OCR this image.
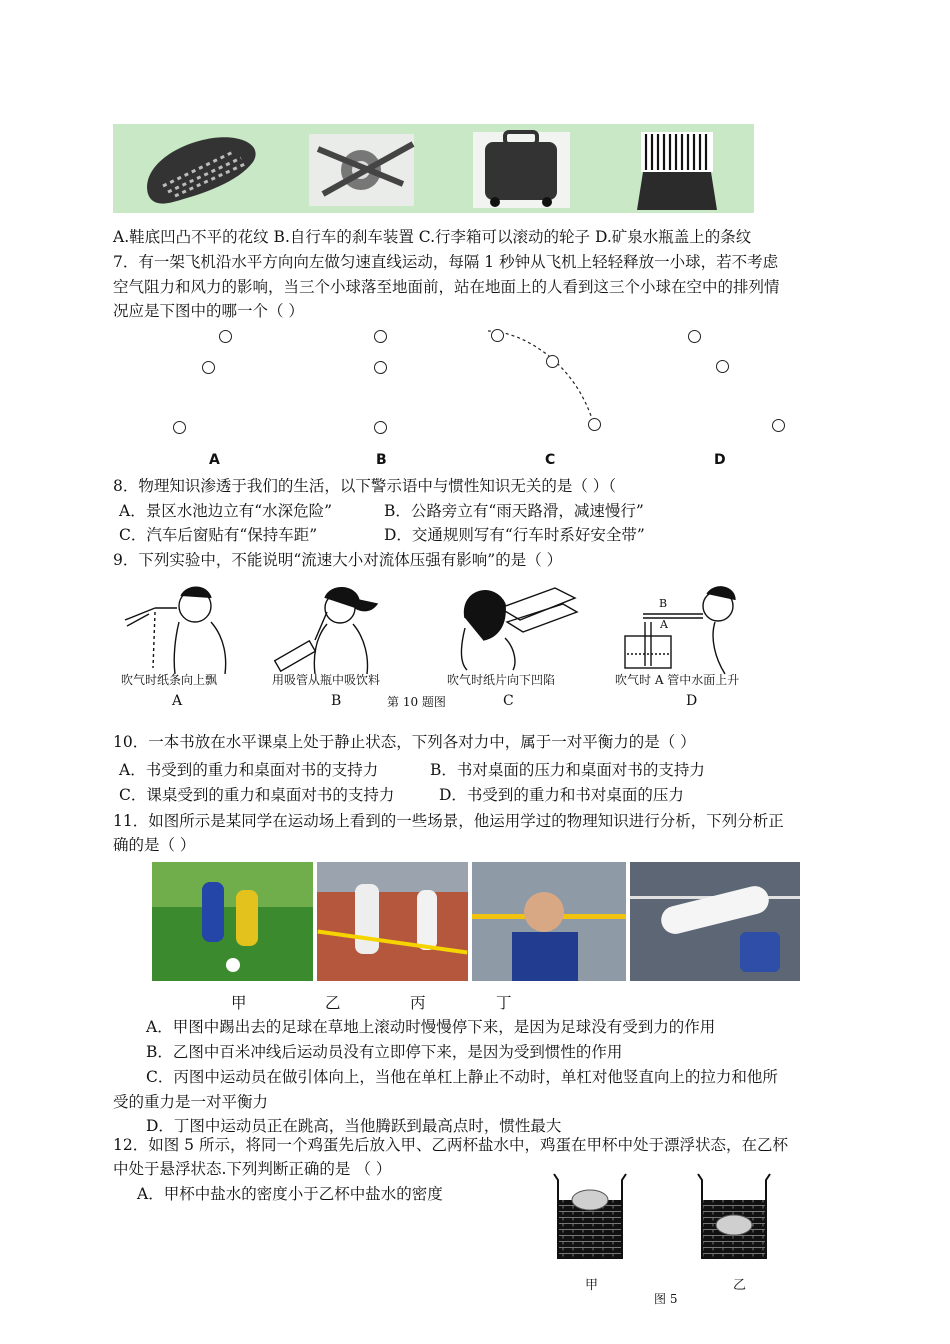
A.鞋底凹凸不平的花纹 B.自行车的刹车装置 C.行李箱可以滚动的轮子 D.矿泉水瓶盖上的条纹
7．有一架飞机沿水平方向向左做匀速直线运动，每隔 1 秒钟从飞机上轻轻释放一小球，若不考虑
空气阻力和风力的影响，当三个小球落至地面前，站在地面上的人看到这三个小球在空中的排列情
况应是下图中的哪一个（ ）
A	B	C	D
8．物理知识渗透于我们的生活，以下警示语中与惯性知识无关的是（ ）（
A．景区水池边立有“水深危险”	B．公路旁立有“雨天路滑，减速慢行”
C．汽车后窗贴有“保持车距”	D．交通规则写有“行车时系好安全带”
9．下列实验中，不能说明“流速大小对流体压强有影响”的是（ ）
B
A
吹气时纸条向上飘	用吸管从瓶中吸饮料	吹气时纸片向下凹陷	吹气时 A 管中水面上升
第 10 题图
A	B	C	D
10．一本书放在水平课桌上处于静止状态，下列各对力中，属于一对平衡力的是（ ）
A．书受到的重力和桌面对书的支持力	B．书对桌面的压力和桌面对书的支持力
C．课桌受到的重力和桌面对书的支持力	D．书受到的重力和书对桌面的压力
11．如图所示是某同学在运动场上看到的一些场景，他运用学过的物理知识进行分析，下列分析正
确的是（ ）
甲	乙	丙	丁
A．甲图中踢出去的足球在草地上滚动时慢慢停下来，是因为足球没有受到力的作用
B．乙图中百米冲线后运动员没有立即停下来，是因为受到惯性的作用
C．丙图中运动员在做引体向上，当他在单杠上静止不动时，单杠对他竖直向上的拉力和他所
受的重力是一对平衡力
D．丁图中运动员正在跳高，当他腾跃到最高点时，惯性最大
12．如图 5 所示，将同一个鸡蛋先后放入甲、乙两杯盐水中，鸡蛋在甲杯中处于漂浮状态，在乙杯
中处于悬浮状态.下列判断正确的是 （ ）
A．甲杯中盐水的密度小于乙杯中盐水的密度
甲	乙
图 5
